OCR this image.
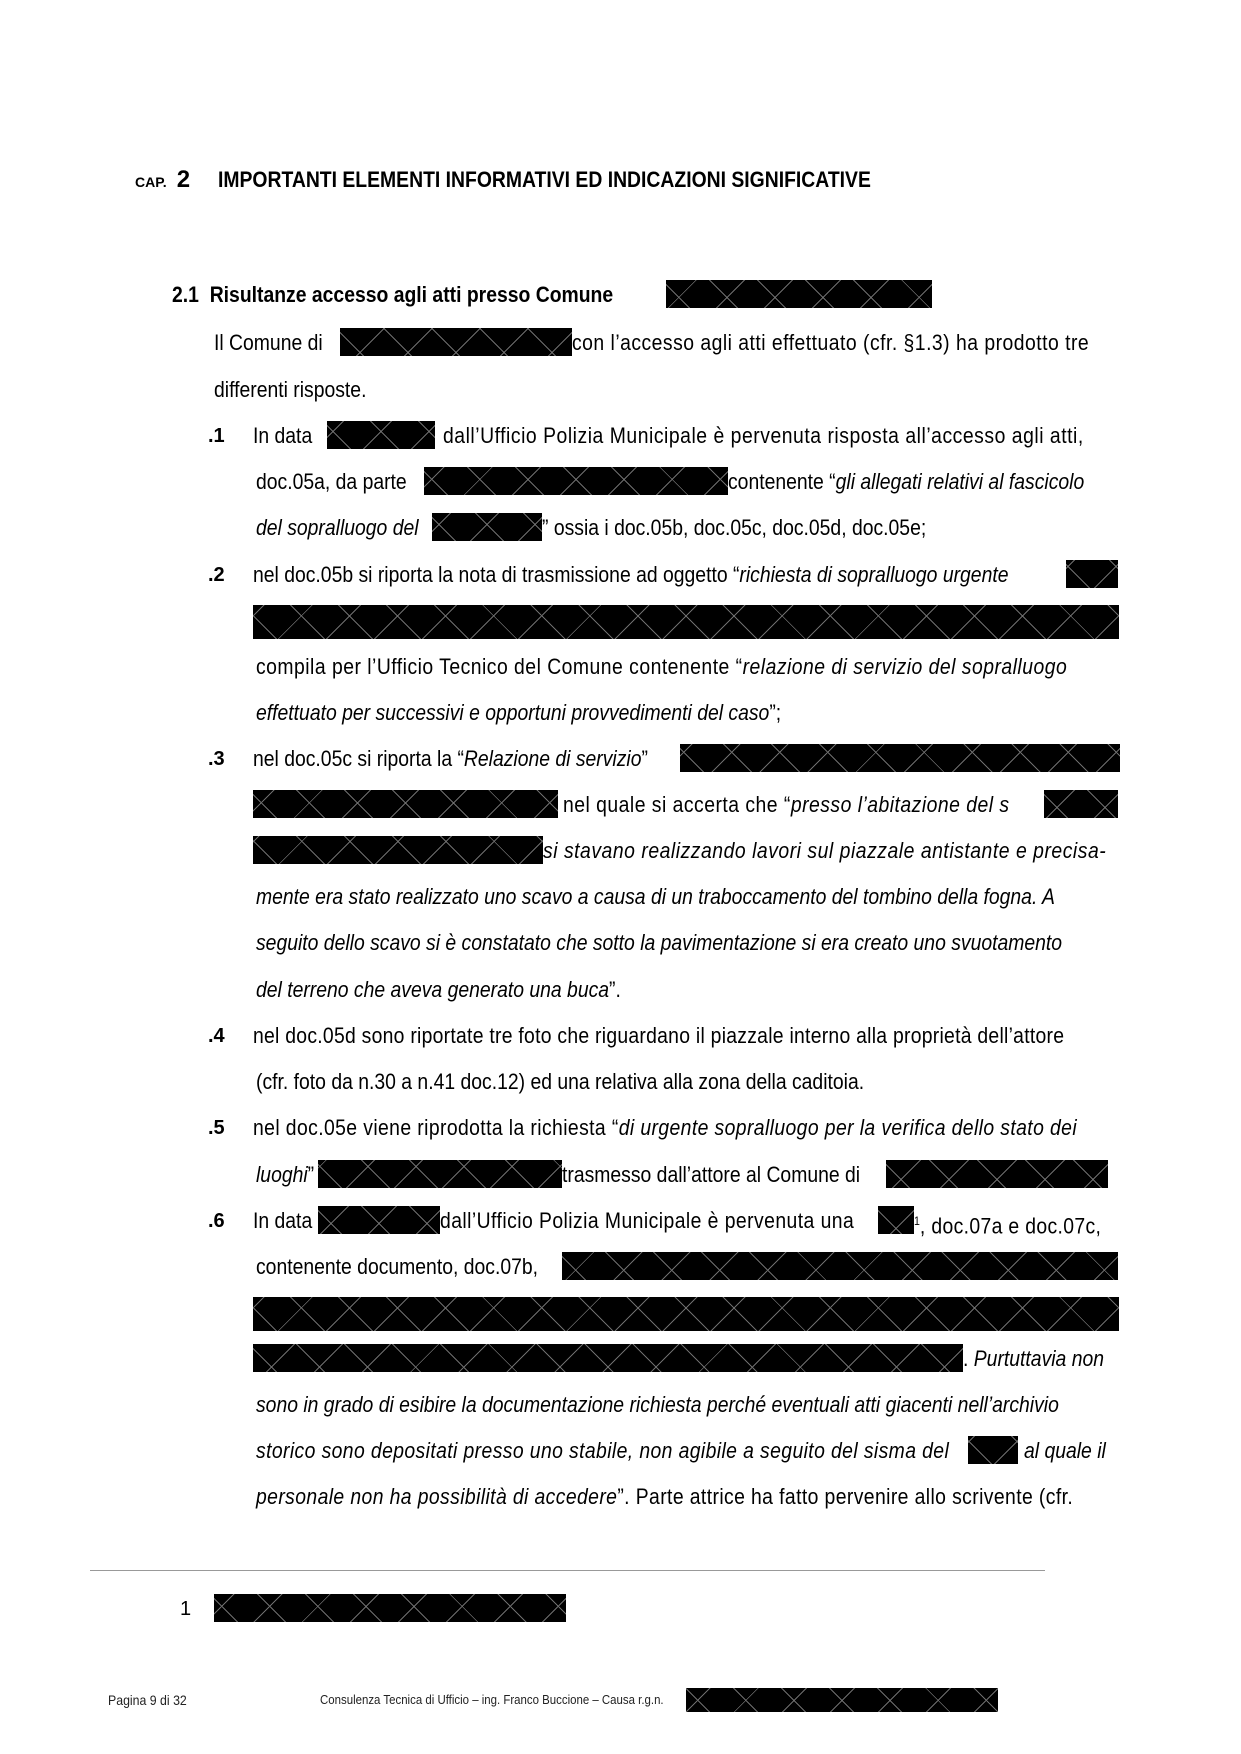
CAP. 2 IMPORTANTI ELEMENTI INFORMATIVI ED INDICAZIONI SIGNIFICATIVE
2.1 Risultanze accesso agli atti presso Comune
Il Comune di	con l’accesso agli atti effettuato (cfr. §1.3) ha prodotto tre
differenti risposte.
.1 In data	dall’Ufficio Polizia Municipale è pervenuta risposta all’accesso agli atti,
doc.05a, da parte	contenente “gli allegati relativi al fascicolo
del sopralluogo del	” ossia i doc.05b, doc.05c, doc.05d, doc.05e;
.2 nel doc.05b si riporta la nota di trasmissione ad oggetto “richiesta di sopralluogo urgente
compila per l’Ufficio Tecnico del Comune contenente “relazione di servizio del sopralluogo
effettuato per successivi e opportuni provvedimenti del caso”;
.3 nel doc.05c si riporta la “Relazione di servizio”
nel quale si accerta che “presso l’abitazione del s
si stavano realizzando lavori sul piazzale antistante e precisa-
mente era stato realizzato uno scavo a causa di un traboccamento del tombino della fogna. A
seguito dello scavo si è constatato che sotto la pavimentazione si era creato uno svuotamento
del terreno che aveva generato una buca”.
.4 nel doc.05d sono riportate tre foto che riguardano il piazzale interno alla proprietà dell’attore
(cfr. foto da n.30 a n.41 doc.12) ed una relativa alla zona della caditoia.
.5 nel doc.05e viene riprodotta la richiesta “di urgente sopralluogo per la verifica dello stato dei
luoghi”	trasmesso dall’attore al Comune di
.6 In data	dall’Ufficio Polizia Municipale è pervenuta una	$^1$, doc.07a e doc.07c,
contenente documento, doc.07b,
. Purtuttavia non
sono in grado di esibire la documentazione richiesta perché eventuali atti giacenti nell’archivio
storico sono depositati presso uno stabile, non agibile a seguito del sisma del	al quale il
personale non ha possibilità di accedere”. Parte attrice ha fatto pervenire allo scrivente (cfr.
1
Pagina 9 di 32	Consulenza Tecnica di Ufficio – ing. Franco Buccione – Causa r.g.n.
